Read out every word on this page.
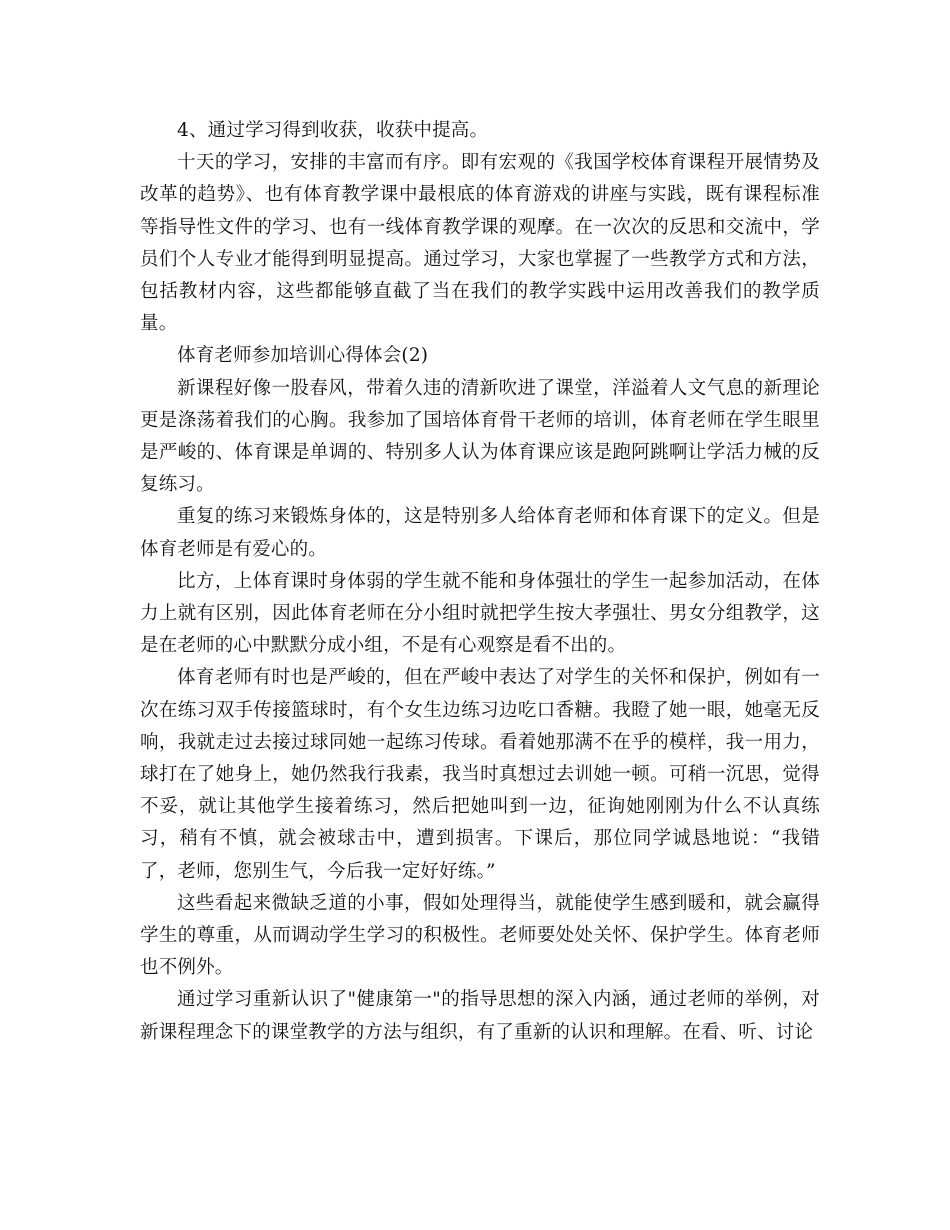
4、通过学习得到收获，收获中提高。

十天的学习，安排的丰富而有序。即有宏观的《我国学校体育课程开展情势及改革的趋势》、也有体育教学课中最根底的体育游戏的讲座与实践，既有课程标准等指导性文件的学习、也有一线体育教学课的观摩。在一次次的反思和交流中，学员们个人专业才能得到明显提高。通过学习，大家也掌握了一些教学方式和方法，包括教材内容，这些都能够直截了当在我们的教学实践中运用改善我们的教学质量。

体育老师参加培训心得体会(2)

新课程好像一股春风，带着久违的清新吹进了课堂，洋溢着人文气息的新理论更是涤荡着我们的心胸。我参加了国培体育骨干老师的培训，体育老师在学生眼里是严峻的、体育课是单调的、特别多人认为体育课应该是跑阿跳啊让学活力械的反复练习。

重复的练习来锻炼身体的，这是特别多人给体育老师和体育课下的定义。但是体育老师是有爱心的。

比方，上体育课时身体弱的学生就不能和身体强壮的学生一起参加活动，在体力上就有区别，因此体育老师在分小组时就把学生按大孝强壮、男女分组教学，这是在老师的心中默默分成小组，不是有心观察是看不出的。

体育老师有时也是严峻的，但在严峻中表达了对学生的关怀和保护，例如有一次在练习双手传接篮球时，有个女生边练习边吃口香糖。我瞪了她一眼，她毫无反响，我就走过去接过球同她一起练习传球。看着她那满不在乎的模样，我一用力，球打在了她身上，她仍然我行我素，我当时真想过去训她一顿。可稍一沉思，觉得不妥，就让其他学生接着练习，然后把她叫到一边，征询她刚刚为什么不认真练习，稍有不慎，就会被球击中，遭到损害。下课后，那位同学诚恳地说：“我错了，老师，您别生气，今后我一定好好练。”

这些看起来微缺乏道的小事，假如处理得当，就能使学生感到暖和，就会赢得学生的尊重，从而调动学生学习的积极性。老师要处处关怀、保护学生。体育老师也不例外。

通过学习重新认识了"健康第一"的指导思想的深入内涵，通过老师的举例，对新课程理念下的课堂教学的方法与组织，有了重新的认识和理解。在看、听、讨论
